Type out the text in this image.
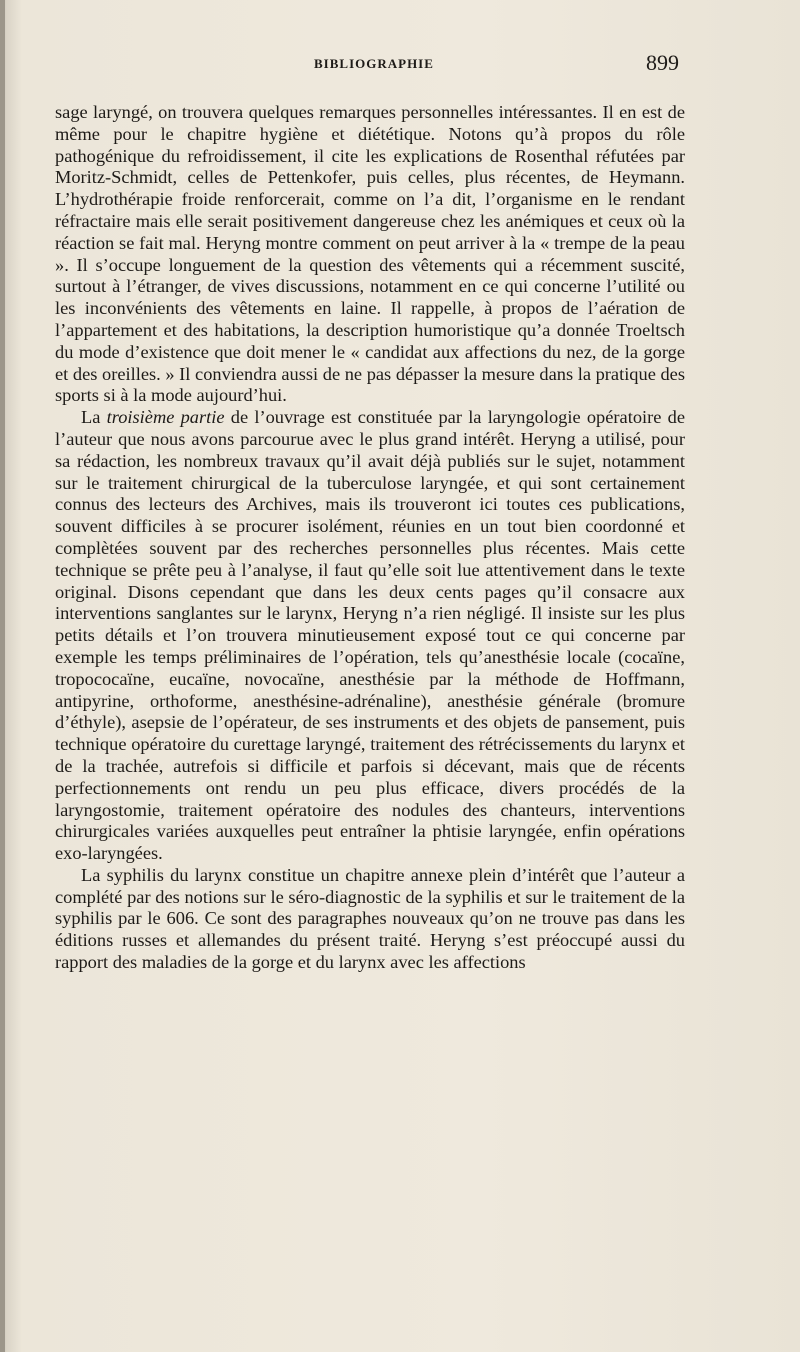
BIBLIOGRAPHIE	899

sage laryngé, on trouvera quelques remarques personnelles intéressantes. Il en est de même pour le chapitre hygiène et diététique. Notons qu’à propos du rôle pathogénique du refroidissement, il cite les explications de Rosenthal réfutées par Moritz-Schmidt, celles de Pettenkofer, puis celles, plus récentes, de Heymann. L’hydrothérapie froide renforcerait, comme on l’a dit, l’organisme en le rendant réfractaire mais elle serait positivement dangereuse chez les anémiques et ceux où la réaction se fait mal. Heryng montre comment on peut arriver à la « trempe de la peau ». Il s’occupe longuement de la question des vêtements qui a récemment suscité, surtout à l’étranger, de vives discussions, notamment en ce qui concerne l’utilité ou les inconvénients des vêtements en laine. Il rappelle, à propos de l’aération de l’appartement et des habitations, la description humoristique qu’a donnée Troeltsch du mode d’existence que doit mener le « candidat aux affections du nez, de la gorge et des oreilles. » Il conviendra aussi de ne pas dépasser la mesure dans la pratique des sports si à la mode aujourd’hui.

La troisième partie de l’ouvrage est constituée par la laryngologie opératoire de l’auteur que nous avons parcourue avec le plus grand intérêt. Heryng a utilisé, pour sa rédaction, les nombreux travaux qu’il avait déjà publiés sur le sujet, notamment sur le traitement chirurgical de la tuberculose laryngée, et qui sont certainement connus des lecteurs des Archives, mais ils trouveront ici toutes ces publications, souvent difficiles à se procurer isolément, réunies en un tout bien coordonné et complètées souvent par des recherches personnelles plus récentes. Mais cette technique se prête peu à l’analyse, il faut qu’elle soit lue attentivement dans le texte original. Disons cependant que dans les deux cents pages qu’il consacre aux interventions sanglantes sur le larynx, Heryng n’a rien négligé. Il insiste sur les plus petits détails et l’on trouvera minutieusement exposé tout ce qui concerne par exemple les temps préliminaires de l’opération, tels qu’anesthésie locale (cocaïne, tropococaïne, eucaïne, novocaïne, anesthésie par la méthode de Hoffmann, antipyrine, orthoforme, anesthésine-adrénaline), anesthésie générale (bromure d’éthyle), asepsie de l’opérateur, de ses instruments et des objets de pansement, puis technique opératoire du curettage laryngé, traitement des rétrécissements du larynx et de la trachée, autrefois si difficile et parfois si décevant, mais que de récents perfectionnements ont rendu un peu plus efficace, divers procédés de la laryngostomie, traitement opératoire des nodules des chanteurs, interventions chirurgicales variées auxquelles peut entraîner la phtisie laryngée, enfin opérations exo-laryngées.

La syphilis du larynx constitue un chapitre annexe plein d’intérêt que l’auteur a complété par des notions sur le séro-diagnostic de la syphilis et sur le traitement de la syphilis par le 606. Ce sont des paragraphes nouveaux qu’on ne trouve pas dans les éditions russes et allemandes du présent traité. Heryng s’est préoccupé aussi du rapport des maladies de la gorge et du larynx avec les affections
